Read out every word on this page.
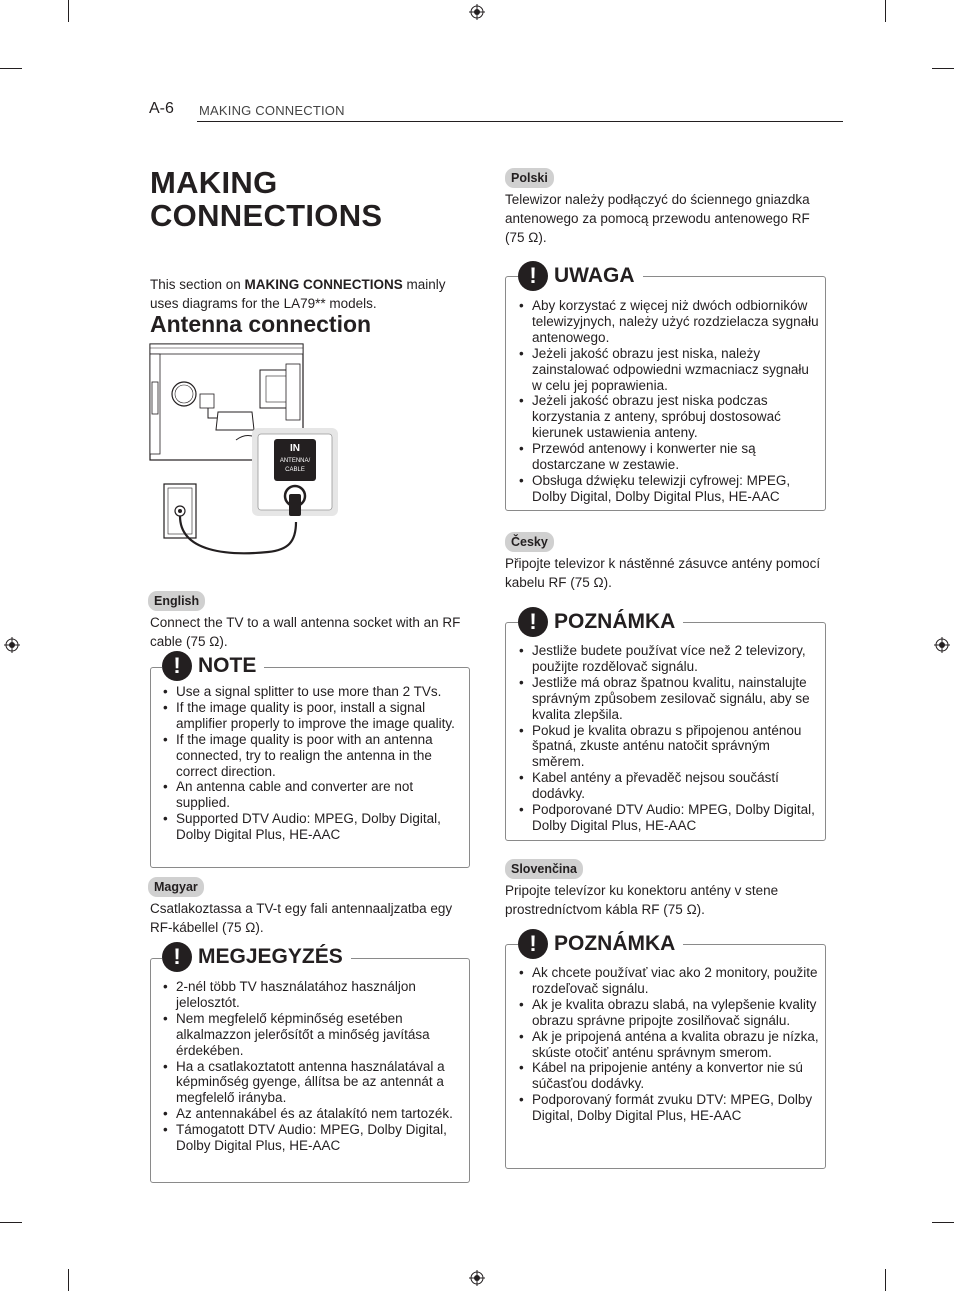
A-6 MAKING CONNECTION
MAKING CONNECTIONS
This section on MAKING CONNECTIONS mainly uses diagrams for the LA79** models.
Antenna connection
IN
ANTENNA/
CABLE
English
Connect the TV to a wall antenna socket with an RF cable (75 Ω).
! NOTE
• Use a signal splitter to use more than 2 TVs.
• If the image quality is poor, install a signal amplifier properly to improve the image quality.
• If the image quality is poor with an antenna connected, try to realign the antenna in the correct direction.
• An antenna cable and converter are not supplied.
• Supported DTV Audio: MPEG, Dolby Digital, Dolby Digital Plus, HE-AAC
Magyar
Csatlakoztassa a TV-t egy fali antennaaljzatba egy RF-kábellel (75 Ω).
! MEGJEGYZÉS
• 2-nél több TV használatához használjon jelelosztót.
• Nem megfelelő képminőség esetében alkalmazzon jelerősítőt a minőség javítása érdekében.
• Ha a csatlakoztatott antenna használatával a képminőség gyenge, állítsa be az antennát a megfelelő irányba.
• Az antennakábel és az átalakító nem tartozék.
• Támogatott DTV Audio: MPEG, Dolby Digital, Dolby Digital Plus, HE-AAC
Polski
Telewizor należy podłączyć do ściennego gniazdka antenowego za pomocą przewodu antenowego RF (75 Ω).
! UWAGA
• Aby korzystać z więcej niż dwóch odbiorników telewizyjnych, należy użyć rozdzielacza sygnału antenowego.
• Jeżeli jakość obrazu jest niska, należy zainstalować odpowiedni wzmacniacz sygnału w celu jej poprawienia.
• Jeżeli jakość obrazu jest niska podczas korzystania z anteny, spróbuj dostosować kierunek ustawienia anteny.
• Przewód antenowy i konwerter nie są dostarczane w zestawie.
• Obsługa dźwięku telewizji cyfrowej: MPEG, Dolby Digital, Dolby Digital Plus, HE-AAC
Česky
Připojte televizor k nástěnné zásuvce antény pomocí kabelu RF (75 Ω).
! POZNÁMKA
• Jestliže budete používat více než 2 televizory, použijte rozdělovač signálu.
• Jestliže má obraz špatnou kvalitu, nainstalujte správným způsobem zesilovač signálu, aby se kvalita zlepšila.
• Pokud je kvalita obrazu s připojenou anténou špatná, zkuste anténu natočit správným směrem.
• Kabel antény a převaděč nejsou součástí dodávky.
• Podporované DTV Audio: MPEG, Dolby Digital, Dolby Digital Plus, HE-AAC
Slovenčina
Pripojte televízor ku konektoru antény v stene prostredníctvom kábla RF (75 Ω).
! POZNÁMKA
• Ak chcete používať viac ako 2 monitory, použite rozdeľovač signálu.
• Ak je kvalita obrazu slabá, na vylepšenie kvality obrazu správne pripojte zosilňovač signálu.
• Ak je pripojená anténa a kvalita obrazu je nízka, skúste otočiť anténu správnym smerom.
• Kábel na pripojenie antény a konvertor nie sú súčasťou dodávky.
• Podporovaný formát zvuku DTV: MPEG, Dolby Digital, Dolby Digital Plus, HE-AAC
